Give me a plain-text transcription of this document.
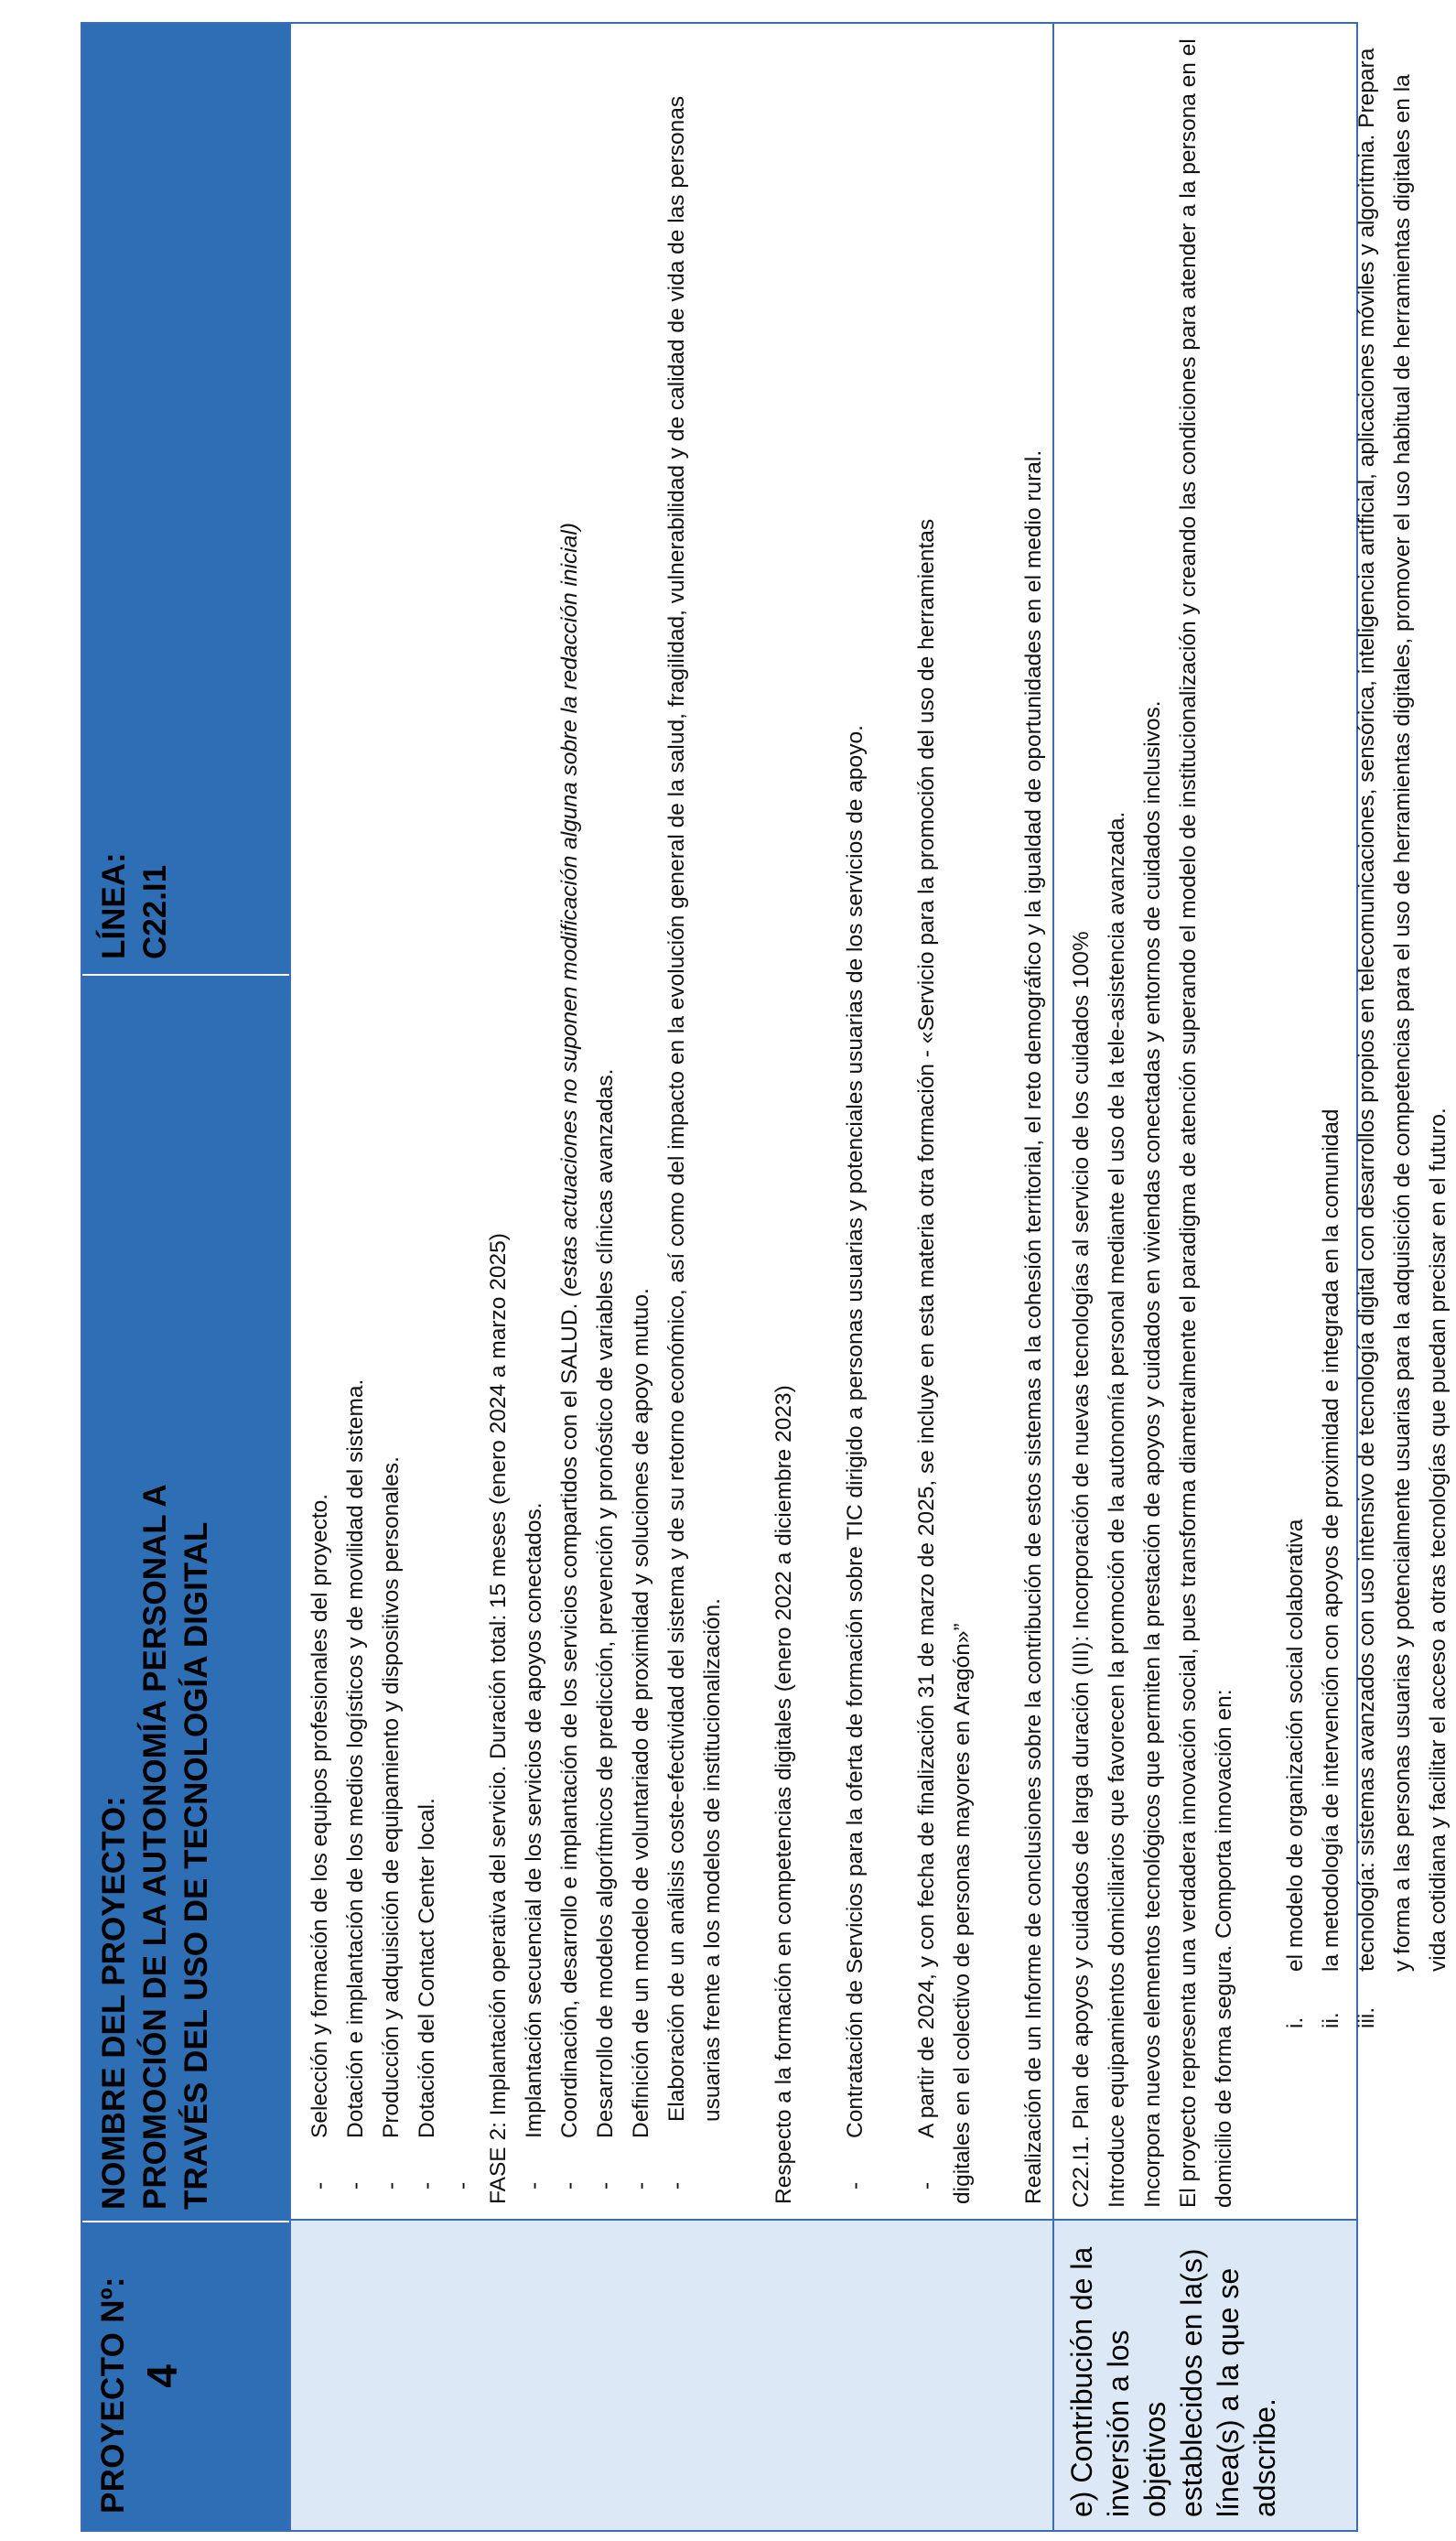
PROYECTO Nº: 4
NOMBRE DEL PROYECTO: PROMOCIÓN DE LA AUTONOMÍA PERSONAL A TRAVÉS DEL USO DE TECNOLOGÍA DIGITAL
LÍNEA: C22.I1
- Selección y formación de los equipos profesionales del proyecto. - Dotación e implantación de los medios logísticos y de movilidad del sistema. - Producción y adquisición de equipamiento y dispositivos personales. - Dotación del Contact Center local. - FASE 2: Implantación operativa del servicio. Duración total: 15 meses (enero 2024 a marzo 2025) - Implantación secuencial de los servicios de apoyos conectados. - Coordinación, desarrollo e implantación de los servicios compartidos con el SALUD. (estas actuaciones no suponen modificación alguna sobre la redacción inicial)
- Desarrollo de modelos algorítmicos de predicción, prevención y pronóstico de variables clínicas avanzadas. - Definición de un modelo de voluntariado de proximidad y soluciones de apoyo mutuo. - Elaboración de un análisis coste-efectividad del sistema y de su retorno económico, así como del impacto en la evolución general de la salud, fragilidad, vulnerabilidad y de calidad de vida de las personas usuarias frente a los modelos de institucionalización. Respecto a la formación en competencias digitales (enero 2022 a diciembre 2023) - Contratación de Servicios para la oferta de formación sobre TIC dirigido a personas usuarias y potenciales usuarias de los servicios de apoyo. - A partir de 2024, y con fecha de finalización 31 de marzo de 2025, se incluye en esta materia otra formación - «Servicio para la promoción del uso de herramientas digitales en el colectivo de personas mayores en Aragón»” Realización de un Informe de conclusiones sobre la contribución de estos sistemas a la cohesión territorial, el reto demográfico y la igualdad de oportunidades en el medio rural.
e) Contribución de la inversión a los objetivos establecidos en la(s) línea(s) a la que se adscribe.
C22.I1. Plan de apoyos y cuidados de larga duración (III): Incorporación de nuevas tecnologías al servicio de los cuidados 100% Introduce equipamientos domiciliarios que favorecen la promoción de la autonomía personal mediante el uso de la tele-asistencia avanzada. Incorpora nuevos elementos tecnológicos que permiten la prestación de apoyos y cuidados en viviendas conectadas y entornos de cuidados inclusivos. El proyecto representa una verdadera innovación social, pues transforma diametralmente el paradigma de atención superando el modelo de institucionalización y creando las condiciones para atender a la persona en el domicilio de forma segura. Comporta innovación en: i.
el modelo de organización social colaborativa
ii.
la metodología de intervención con apoyos de proximidad e integrada en la comunidad
iii.
tecnología: sistemas avanzados con uso intensivo de tecnología digital con desarrollos propios en telecomunicaciones, sensórica, inteligencia artificial, aplicaciones móviles y algoritmia. Prepara y forma a las personas usuarias y potencialmente usuarias para la adquisición de competencias para el uso de herramientas digitales, promover el uso habitual de herramientas digitales en la vida cotidiana y facilitar el acceso a otras tecnologías que puedan precisar en el futuro.
